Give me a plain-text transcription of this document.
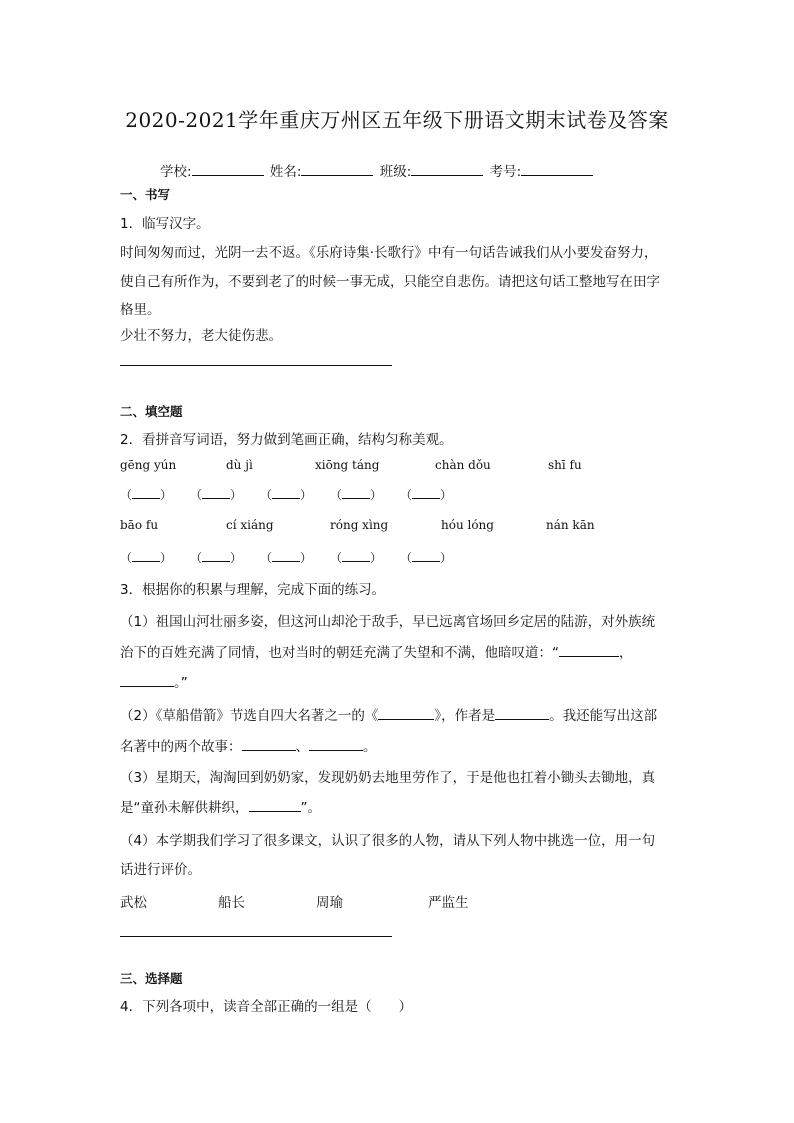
2020-2021学年重庆万州区五年级下册语文期末试卷及答案
学校:	姓名:	班级:	考号:
一、书写
1．临写汉字。
时间匆匆而过，光阴一去不返。《乐府诗集·长歌行》中有一句话告诫我们从小要发奋努力，
使自己有所作为，不要到老了的时候一事无成，只能空自悲伤。请把这句话工整地写在田字
格里。
少壮不努力，老大徒伤悲。
二、填空题
2．看拼音写词语，努力做到笔画正确，结构匀称美观。
gēng yún	dù jì	xiōng táng	chàn dǒu	shī fu
（ ） （ ） （ ） （ ） （ ）
bāo fu	cí xiáng	róng xìng	hóu lóng	nán kān
（ ） （ ） （ ） （ ） （ ）
3．根据你的积累与理解，完成下面的练习。
（1）祖国山河壮丽多姿，但这河山却沦于敌手，早已远离官场回乡定居的陆游，对外族统
治下的百姓充满了同情，也对当时的朝廷充满了失望和不满，他暗叹道：“	，
。”
（2）《草船借箭》节选自四大名著之一的《	》，作者是	。我还能写出这部
名著中的两个故事：	、	。
（3）星期天，淘淘回到奶奶家，发现奶奶去地里劳作了，于是他也扛着小锄头去锄地，真
是“童孙未解供耕织，	”。
（4）本学期我们学习了很多课文，认识了很多的人物，请从下列人物中挑选一位，用一句
话进行评价。
武松	船长	周瑜	严监生
三、选择题
4．下列各项中，读音全部正确的一组是（　　）
